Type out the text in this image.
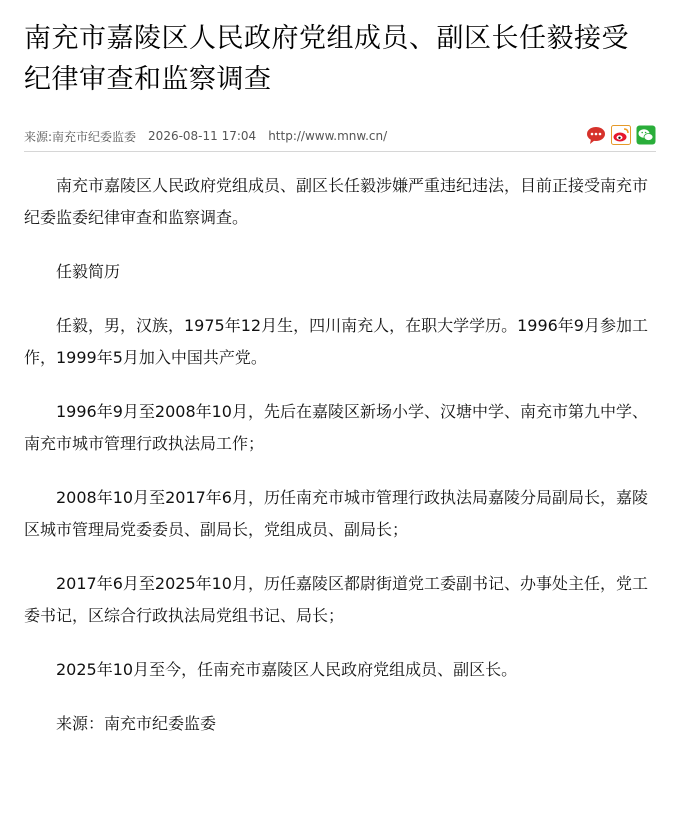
南充市嘉陵区人民政府党组成员、副区长任毅接受纪律审查和监察调查
来源:南充市纪委监委 2026-08-11 17:04 http://www.mnw.cn/

南充市嘉陵区人民政府党组成员、副区长任毅涉嫌严重违纪违法，目前正接受南充市纪委监委纪律审查和监察调查。

任毅简历

任毅，男，汉族，1975年12月生，四川南充人，在职大学学历。1996年9月参加工作，1999年5月加入中国共产党。

1996年9月至2008年10月，先后在嘉陵区新场小学、汉塘中学、南充市第九中学、南充市城市管理行政执法局工作；

2008年10月至2017年6月，历任南充市城市管理行政执法局嘉陵分局副局长，嘉陵区城市管理局党委委员、副局长，党组成员、副局长；

2017年6月至2025年10月，历任嘉陵区都尉街道党工委副书记、办事处主任，党工委书记，区综合行政执法局党组书记、局长；

2025年10月至今，任南充市嘉陵区人民政府党组成员、副区长。

来源：南充市纪委监委
